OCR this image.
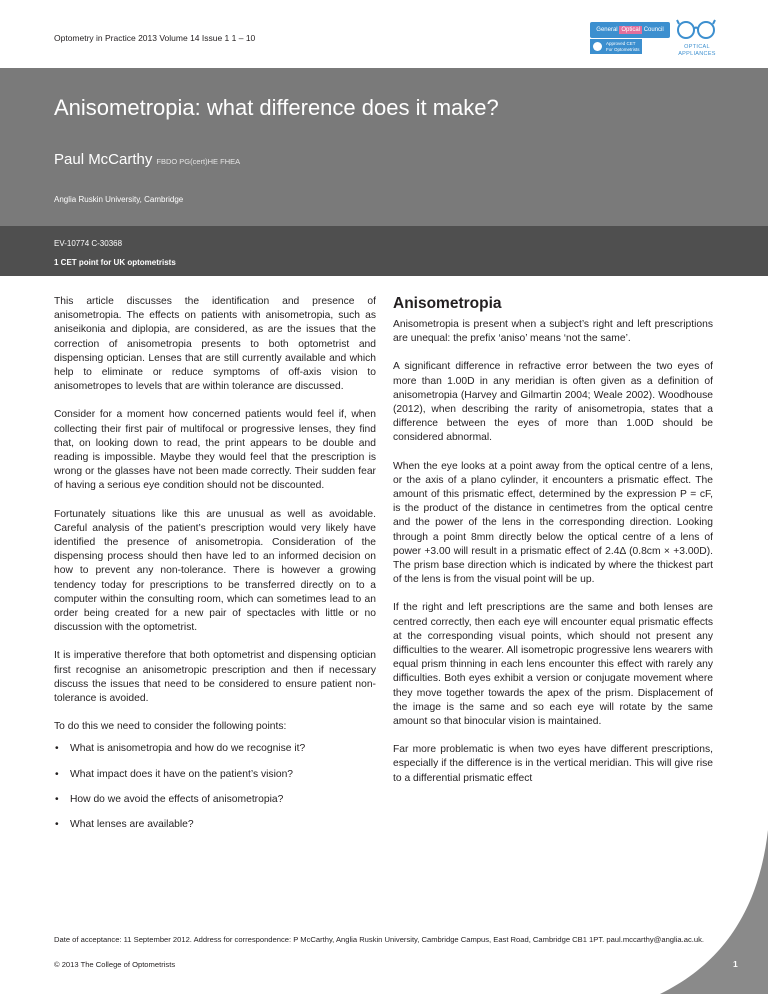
Optometry in Practice 2013 Volume 14 Issue 1 1 – 10
General Optical Council
Approved CET
For Optometrists	OPTICAL
APPLIANCES
Anisometropia: what difference does it make?
Paul McCarthy FBDO PG(cert)HE FHEA
Anglia Ruskin University, Cambridge
EV-10774 C-30368
1 CET point for UK optometrists

This article discusses the identification and presence of anisometropia. The effects on patients with anisometropia, such as aniseikonia and diplopia, are considered, as are the issues that the correction of anisometropia presents to both optometrist and dispensing optician. Lenses that are still currently available and which help to eliminate or reduce symptoms of off-axis vision to anisometropes to levels that are within tolerance are discussed.

Consider for a moment how concerned patients would feel if, when collecting their first pair of multifocal or progressive lenses, they find that, on looking down to read, the print appears to be double and reading is impossible. Maybe they would feel that the prescription is wrong or the glasses have not been made correctly. Their sudden fear of having a serious eye condition should not be discounted.

Fortunately situations like this are unusual as well as avoidable. Careful analysis of the patient’s prescription would very likely have identified the presence of anisometropia. Consideration of the dispensing process should then have led to an informed decision on how to prevent any non-tolerance. There is however a growing tendency today for prescriptions to be transferred directly on to a computer within the consulting room, which can sometimes lead to an order being created for a new pair of spectacles with little or no discussion with the optometrist.

It is imperative therefore that both optometrist and dispensing optician first recognise an anisometropic prescription and then if necessary discuss the issues that need to be considered to ensure patient non-tolerance is avoided.

To do this we need to consider the following points:

• What is anisometropia and how do we recognise it?
• What impact does it have on the patient’s vision?
• How do we avoid the effects of anisometropia?
• What lenses are available?
Anisometropia

Anisometropia is present when a subject’s right and left prescriptions are unequal: the prefix ‘aniso’ means ‘not the same’.

A significant difference in refractive error between the two eyes of more than 1.00D in any meridian is often given as a definition of anisometropia (Harvey and Gilmartin 2004; Weale 2002). Woodhouse (2012), when describing the rarity of anisometropia, states that a difference between the eyes of more than 1.00D should be considered abnormal.

When the eye looks at a point away from the optical centre of a lens, or the axis of a plano cylinder, it encounters a prismatic effect. The amount of this prismatic effect, determined by the expression P = cF, is the product of the distance in centimetres from the optical centre and the power of the lens in the corresponding direction. Looking through a point 8mm directly below the optical centre of a lens of power +3.00 will result in a prismatic effect of 2.4Δ (0.8cm × +3.00D). The prism base direction which is indicated by where the thickest part of the lens is from the visual point will be up.

If the right and left prescriptions are the same and both lenses are centred correctly, then each eye will encounter equal prismatic effects at the corresponding visual points, which should not present any difficulties to the wearer. All isometropic progressive lens wearers with equal prism thinning in each lens encounter this effect with rarely any difficulties. Both eyes exhibit a version or conjugate movement where they move together towards the apex of the prism. Displacement of the image is the same and so each eye will rotate by the same amount so that binocular vision is maintained.

Far more problematic is when two eyes have different prescriptions, especially if the difference is in the vertical meridian. This will give rise to a differential prismatic effect

Date of acceptance: 11 September 2012. Address for correspondence: P McCarthy, Anglia Ruskin University, Cambridge Campus, East Road, Cambridge CB1 1PT. paul.mccarthy@anglia.ac.uk.
© 2013 The College of Optometrists	1
